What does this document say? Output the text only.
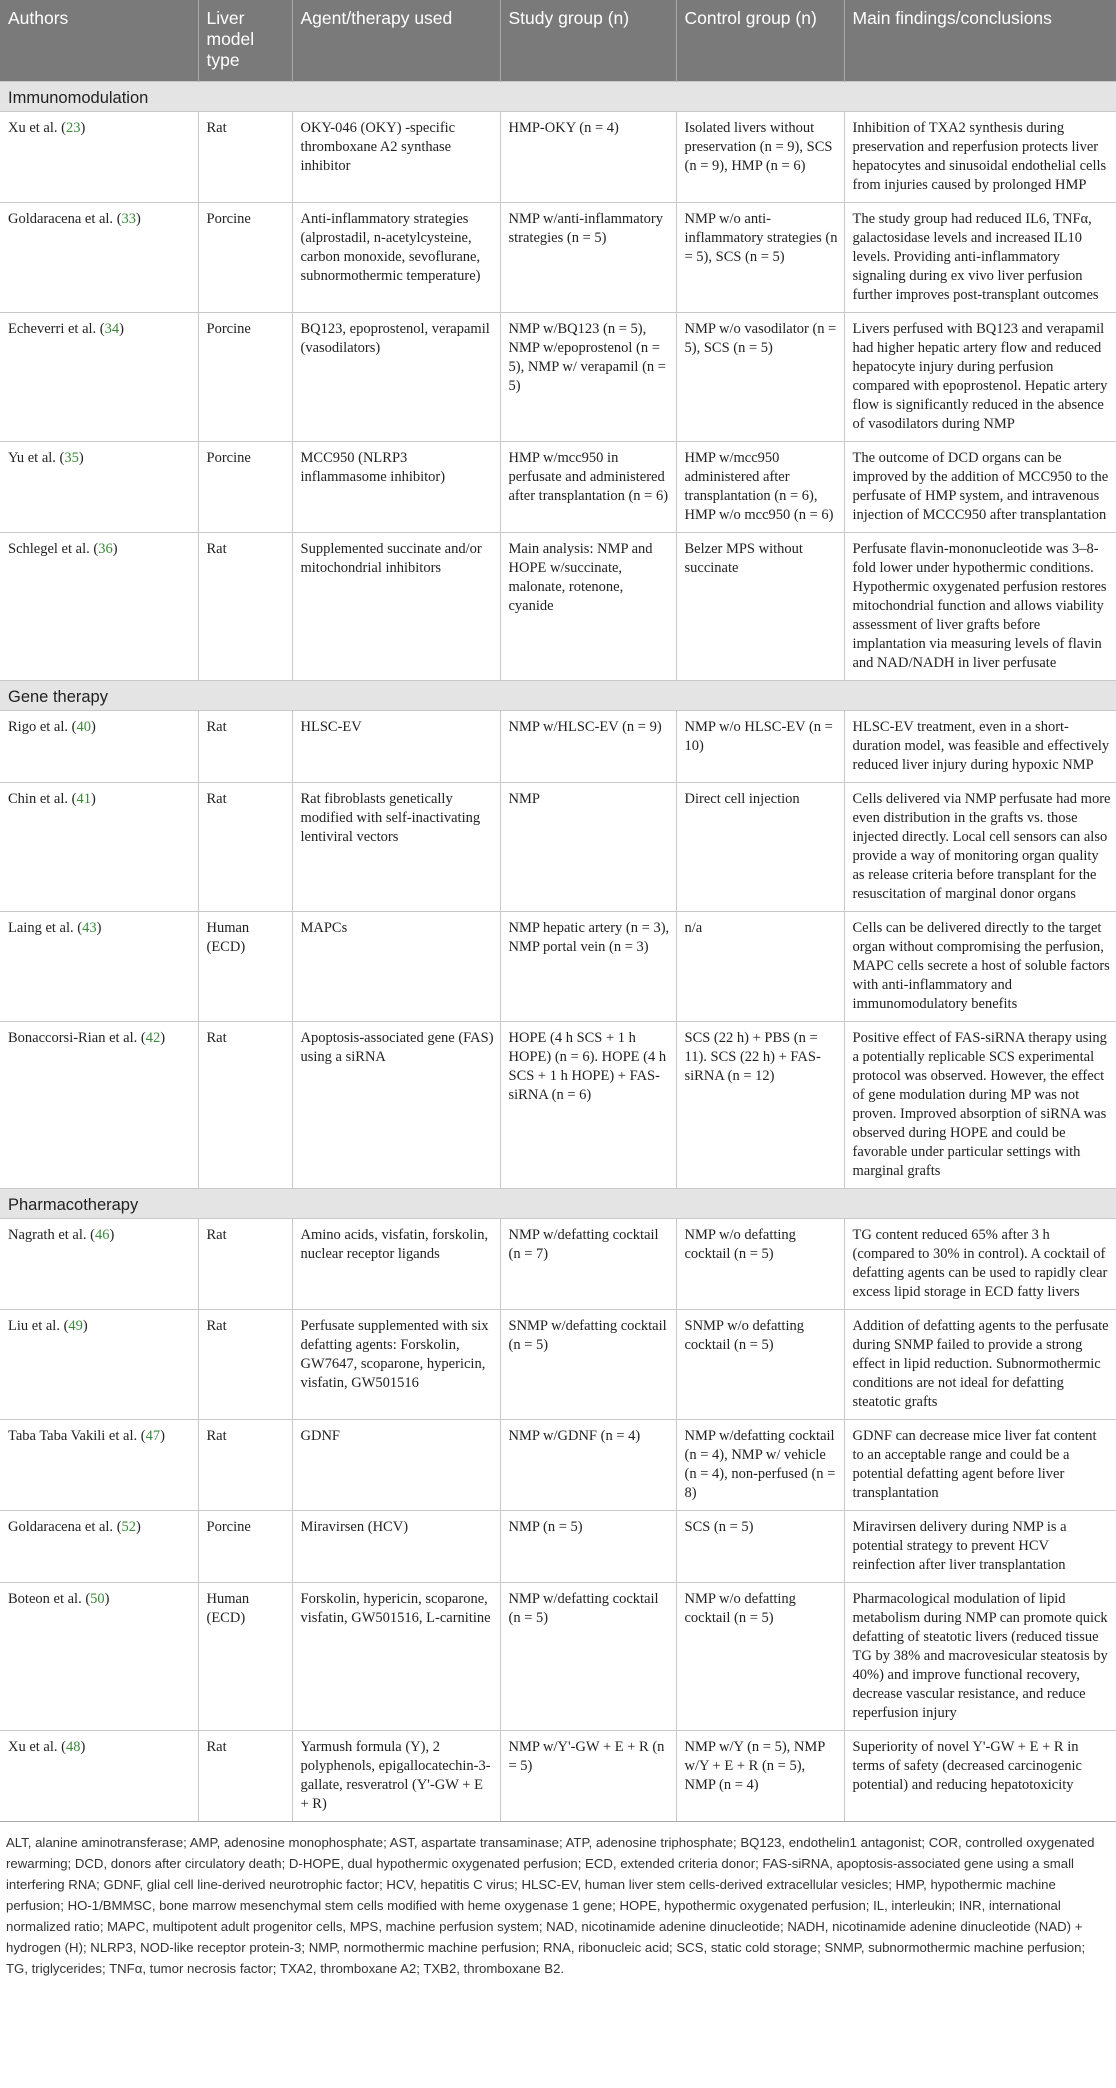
Authors	Liver model type	Agent/therapy used	Study group (n)	Control group (n)	Main findings/conclusions
Immunomodulation					
Xu et al. (23)	Rat	OKY-046 (OKY) -specific thromboxane A2 synthase inhibitor	HMP-OKY (n = 4)	Isolated livers without preservation (n = 9), SCS (n = 9), HMP (n = 6)	Inhibition of TXA2 synthesis during preservation and reperfusion protects liver hepatocytes and sinusoidal endothelial cells from injuries caused by prolonged HMP
Goldaracena et al. (33)	Porcine	Anti-inflammatory strategies (alprostadil, n-acetylcysteine, carbon monoxide, sevoflurane, subnormothermic temperature)	NMP w/anti-inflammatory strategies (n = 5)	NMP w/o anti-inflammatory strategies (n = 5), SCS (n = 5)	The study group had reduced IL6, TNFα, galactosidase levels and increased IL10 levels. Providing anti-inflammatory signaling during ex vivo liver perfusion further improves post-transplant outcomes
Echeverri et al. (34)	Porcine	BQ123, epoprostenol, verapamil (vasodilators)	NMP w/BQ123 (n = 5), NMP w/epoprostenol (n = 5), NMP w/ verapamil (n = 5)	NMP w/o vasodilator (n = 5), SCS (n = 5)	Livers perfused with BQ123 and verapamil had higher hepatic artery flow and reduced hepatocyte injury during perfusion compared with epoprostenol. Hepatic artery flow is significantly reduced in the absence of vasodilators during NMP
Yu et al. (35)	Porcine	MCC950 (NLRP3 inflammasome inhibitor)	HMP w/mcc950 in perfusate and administered after transplantation (n = 6)	HMP w/mcc950 administered after transplantation (n = 6), HMP w/o mcc950 (n = 6)	The outcome of DCD organs can be improved by the addition of MCC950 to the perfusate of HMP system, and intravenous injection of MCCC950 after transplantation
Schlegel et al. (36)	Rat	Supplemented succinate and/or mitochondrial inhibitors	Main analysis: NMP and HOPE w/succinate, malonate, rotenone, cyanide	Belzer MPS without succinate	Perfusate flavin-mononucleotide was 3–8-fold lower under hypothermic conditions. Hypothermic oxygenated perfusion restores mitochondrial function and allows viability assessment of liver grafts before implantation via measuring levels of flavin and NAD/NADH in liver perfusate
Gene therapy					
Rigo et al. (40)	Rat	HLSC-EV	NMP w/HLSC-EV (n = 9)	NMP w/o HLSC-EV (n = 10)	HLSC-EV treatment, even in a short-duration model, was feasible and effectively reduced liver injury during hypoxic NMP
Chin et al. (41)	Rat	Rat fibroblasts genetically modified with self-inactivating lentiviral vectors	NMP	Direct cell injection	Cells delivered via NMP perfusate had more even distribution in the grafts vs. those injected directly. Local cell sensors can also provide a way of monitoring organ quality as release criteria before transplant for the resuscitation of marginal donor organs
Laing et al. (43)	Human (ECD)	MAPCs	NMP hepatic artery (n = 3), NMP portal vein (n = 3)	n/a	Cells can be delivered directly to the target organ without compromising the perfusion, MAPC cells secrete a host of soluble factors with anti-inflammatory and immunomodulatory benefits
Bonaccorsi-Rian et al. (42)	Rat	Apoptosis-associated gene (FAS) using a siRNA	HOPE (4 h SCS + 1 h HOPE) (n = 6). HOPE (4 h SCS + 1 h HOPE) + FAS-siRNA (n = 6)	SCS (22 h) + PBS (n = 11). SCS (22 h) + FAS-siRNA (n = 12)	Positive effect of FAS-siRNA therapy using a potentially replicable SCS experimental protocol was observed. However, the effect of gene modulation during MP was not proven. Improved absorption of siRNA was observed during HOPE and could be favorable under particular settings with marginal grafts
Pharmacotherapy					
Nagrath et al. (46)	Rat	Amino acids, visfatin, forskolin, nuclear receptor ligands	NMP w/defatting cocktail (n = 7)	NMP w/o defatting cocktail (n = 5)	TG content reduced 65% after 3 h (compared to 30% in control). A cocktail of defatting agents can be used to rapidly clear excess lipid storage in ECD fatty livers
Liu et al. (49)	Rat	Perfusate supplemented with six defatting agents: Forskolin, GW7647, scoparone, hypericin, visfatin, GW501516	SNMP w/defatting cocktail (n = 5)	SNMP w/o defatting cocktail (n = 5)	Addition of defatting agents to the perfusate during SNMP failed to provide a strong effect in lipid reduction. Subnormothermic conditions are not ideal for defatting steatotic grafts
Taba Taba Vakili et al. (47)	Rat	GDNF	NMP w/GDNF (n = 4)	NMP w/defatting cocktail (n = 4), NMP w/ vehicle (n = 4), non-perfused (n = 8)	GDNF can decrease mice liver fat content to an acceptable range and could be a potential defatting agent before liver transplantation
Goldaracena et al. (52)	Porcine	Miravirsen (HCV)	NMP (n = 5)	SCS (n = 5)	Miravirsen delivery during NMP is a potential strategy to prevent HCV reinfection after liver transplantation
Boteon et al. (50)	Human (ECD)	Forskolin, hypericin, scoparone, visfatin, GW501516, L-carnitine	NMP w/defatting cocktail (n = 5)	NMP w/o defatting cocktail (n = 5)	Pharmacological modulation of lipid metabolism during NMP can promote quick defatting of steatotic livers (reduced tissue TG by 38% and macrovesicular steatosis by 40%) and improve functional recovery, decrease vascular resistance, and reduce reperfusion injury
Xu et al. (48)	Rat	Yarmush formula (Y), 2 polyphenols, epigallocatechin-3-gallate, resveratrol (Y'-GW + E + R)	NMP w/Y'-GW + E + R (n = 5)	NMP w/Y (n = 5), NMP w/Y + E + R (n = 5), NMP (n = 4)	Superiority of novel Y'-GW + E + R in terms of safety (decreased carcinogenic potential) and reducing hepatotoxicity
ALT, alanine aminotransferase; AMP, adenosine monophosphate; AST, aspartate transaminase; ATP, adenosine triphosphate; BQ123, endothelin1 antagonist; COR, controlled oxygenated rewarming; DCD, donors after circulatory death; D-HOPE, dual hypothermic oxygenated perfusion; ECD, extended criteria donor; FAS-siRNA, apoptosis-associated gene using a small interfering RNA; GDNF, glial cell line-derived neurotrophic factor; HCV, hepatitis C virus; HLSC-EV, human liver stem cells-derived extracellular vesicles; HMP, hypothermic machine perfusion; HO-1/BMMSC, bone marrow mesenchymal stem cells modified with heme oxygenase 1 gene; HOPE, hypothermic oxygenated perfusion; IL, interleukin; INR, international normalized ratio; MAPC, multipotent adult progenitor cells, MPS, machine perfusion system; NAD, nicotinamide adenine dinucleotide; NADH, nicotinamide adenine dinucleotide (NAD) + hydrogen (H); NLRP3, NOD-like receptor protein-3; NMP, normothermic machine perfusion; RNA, ribonucleic acid; SCS, static cold storage; SNMP, subnormothermic machine perfusion; TG, triglycerides; TNFα, tumor necrosis factor; TXA2, thromboxane A2; TXB2, thromboxane B2.
